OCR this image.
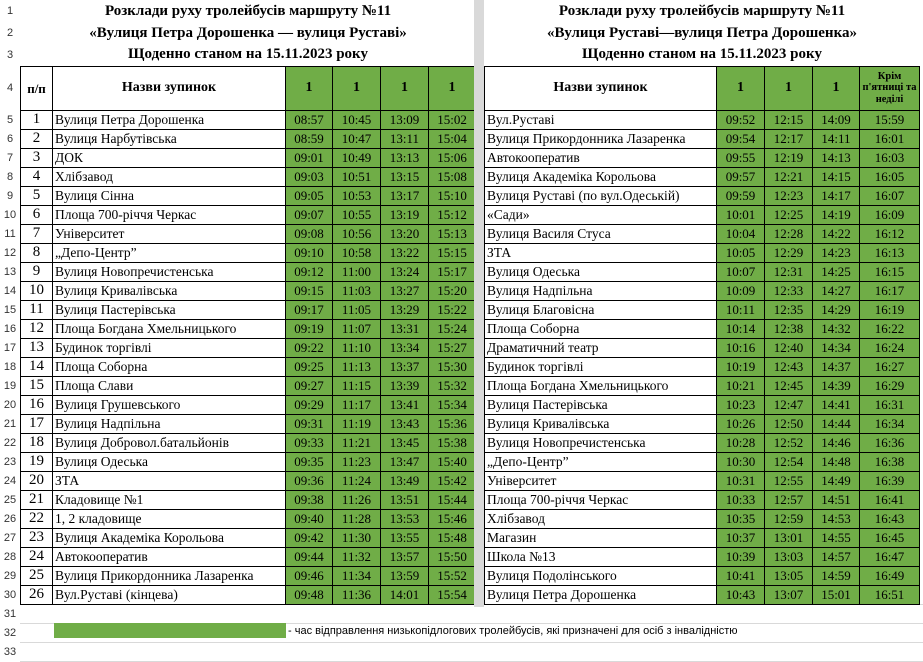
1
2
3
4
5
6
7
8
9
10
11
12
13
14
15
16
17
18
19
20
21
22
23
24
25
26
27
28
29
30
31
32
33
Розклади руху тролейбусів маршруту №11					
«Вулиця Петра Дорошенка — вулиця Руставі»					
Щоденно станом на 15.11.2023 року					
п/п	Назви зупинок	1	1	1	1
1	Вулиця Петра Дорошенка	08:57	10:45	13:09	15:02
2	Вулиця Нарбутівська	08:59	10:47	13:11	15:04
3	ДОК	09:01	10:49	13:13	15:06
4	Хлібзавод	09:03	10:51	13:15	15:08
5	Вулиця Сінна	09:05	10:53	13:17	15:10
6	Площа 700-річчя Черкас	09:07	10:55	13:19	15:12
7	Університет	09:08	10:56	13:20	15:13
8	„Депо-Центр”	09:10	10:58	13:22	15:15
9	Вулиця Новопречистенська	09:12	11:00	13:24	15:17
10	Вулиця Кривалівська	09:15	11:03	13:27	15:20
11	Вулиця Пастерівська	09:17	11:05	13:29	15:22
12	Площа Богдана Хмельницького	09:19	11:07	13:31	15:24
13	Будинок торгівлі	09:22	11:10	13:34	15:27
14	Площа Соборна	09:25	11:13	13:37	15:30
15	Площа Слави	09:27	11:15	13:39	15:32
16	Вулиця Грушевського	09:29	11:17	13:41	15:34
17	Вулиця Надпільна	09:31	11:19	13:43	15:36
18	Вулиця Добровол.батальйонів	09:33	11:21	13:45	15:38
19	Вулиця Одеська	09:35	11:23	13:47	15:40
20	ЗТА	09:36	11:24	13:49	15:42
21	Кладовище №1	09:38	11:26	13:51	15:44
22	1, 2 кладовище	09:40	11:28	13:53	15:46
23	Вулиця Академіка Корольова	09:42	11:30	13:55	15:48
24	Автокооператив	09:44	11:32	13:57	15:50
25	Вулиця Прикордонника Лазаренка	09:46	11:34	13:59	15:52
26	Вул.Руставі (кінцева)	09:48	11:36	14:01	15:54
Розклади руху тролейбусів маршруту №11				
«Вулиця Руставі—вулиця Петра Дорошенка»				
Щоденно станом на 15.11.2023 року				
Назви зупинок	1	1	1	Крім п'ятниці та неділі
Вул.Руставі	09:52	12:15	14:09	15:59
Вулиця Прикордонника Лазаренка	09:54	12:17	14:11	16:01
Автокооператив	09:55	12:19	14:13	16:03
Вулиця Академіка Корольова	09:57	12:21	14:15	16:05
Вулиця Руставі (по вул.Одеській)	09:59	12:23	14:17	16:07
«Сади»	10:01	12:25	14:19	16:09
Вулиця Василя Стуса	10:04	12:28	14:22	16:12
ЗТА	10:05	12:29	14:23	16:13
Вулиця Одеська	10:07	12:31	14:25	16:15
Вулиця Надпільна	10:09	12:33	14:27	16:17
Вулиця Благовісна	10:11	12:35	14:29	16:19
Площа Соборна	10:14	12:38	14:32	16:22
Драматичний театр	10:16	12:40	14:34	16:24
Будинок торгівлі	10:19	12:43	14:37	16:27
Площа Богдана Хмельницького	10:21	12:45	14:39	16:29
Вулиця Пастерівська	10:23	12:47	14:41	16:31
Вулиця Кривалівська	10:26	12:50	14:44	16:34
Вулиця Новопречистенська	10:28	12:52	14:46	16:36
„Депо-Центр”	10:30	12:54	14:48	16:38
Університет	10:31	12:55	14:49	16:39
Площа 700-річчя Черкас	10:33	12:57	14:51	16:41
Хлібзавод	10:35	12:59	14:53	16:43
Магазин	10:37	13:01	14:55	16:45
Школа №13	10:39	13:03	14:57	16:47
Вулиця Подолінського	10:41	13:05	14:59	16:49
Вулиця Петра Дорошенка	10:43	13:07	15:01	16:51
- час відправлення низькопідлогових тролейбусів, які призначені для осіб з інвалідністю
